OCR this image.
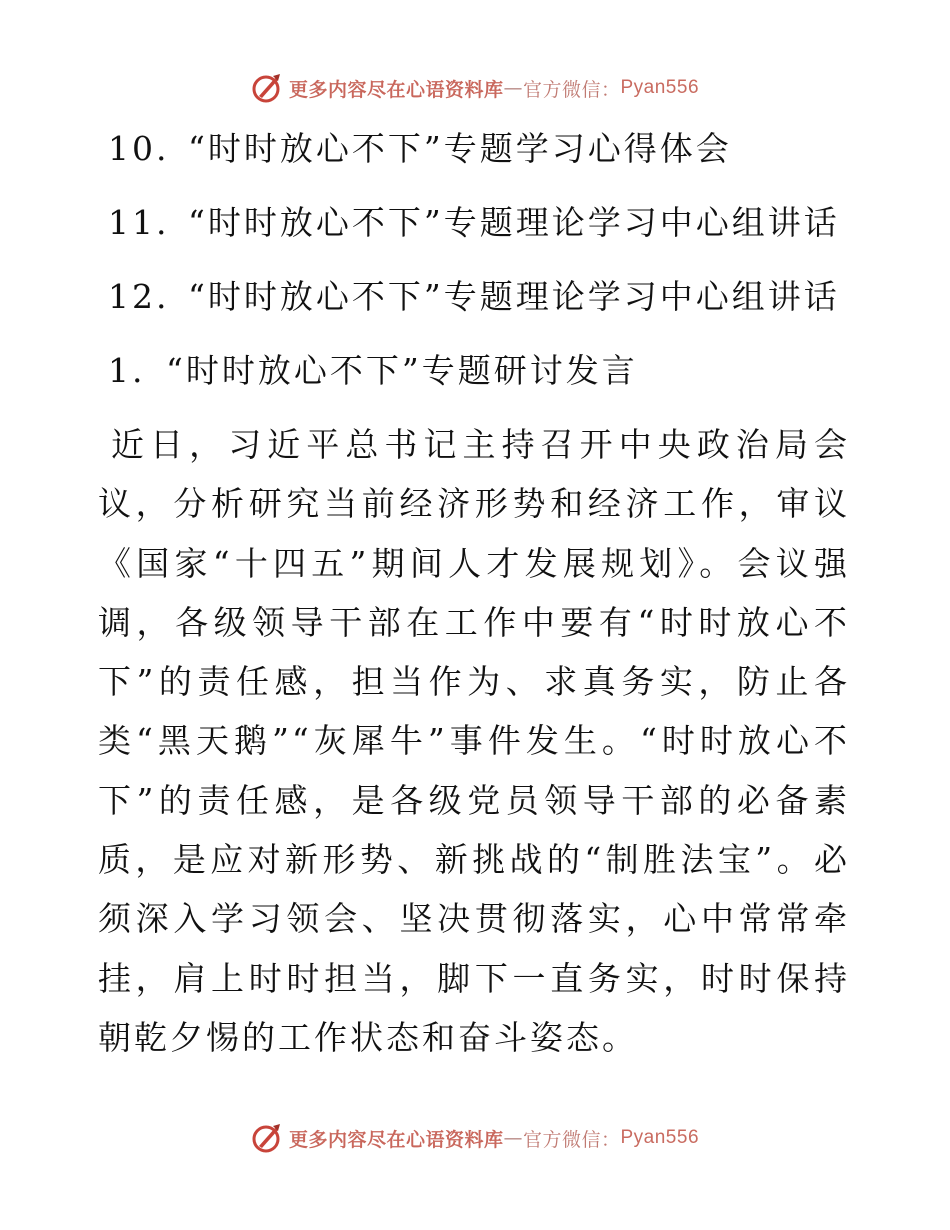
更多内容尽在心语资料库 — 官方微信： Pyan556
10. “时时放心不下”专题学习心得体会
11. “时时放心不下”专题理论学习中心组讲话
12. “时时放心不下”专题理论学习中心组讲话
1. “时时放心不下”专题研讨发言
近日，习近平总书记主持召开中央政治局会议，分析研究当前经济形势和经济工作，审议《国家“十四五”期间人才发展规划》。会议强调，各级领导干部在工作中要有“时时放心不下”的责任感，担当作为、求真务实，防止各类“黑天鹅”“灰犀牛”事件发生。“时时放心不下”的责任感，是各级党员领导干部的必备素质，是应对新形势、新挑战的“制胜法宝”。必须深入学习领会、坚决贯彻落实，心中常常牵挂，肩上时时担当，脚下一直务实，时时保持朝乾夕惕的工作状态和奋斗姿态。
更多内容尽在心语资料库 — 官方微信： Pyan556
